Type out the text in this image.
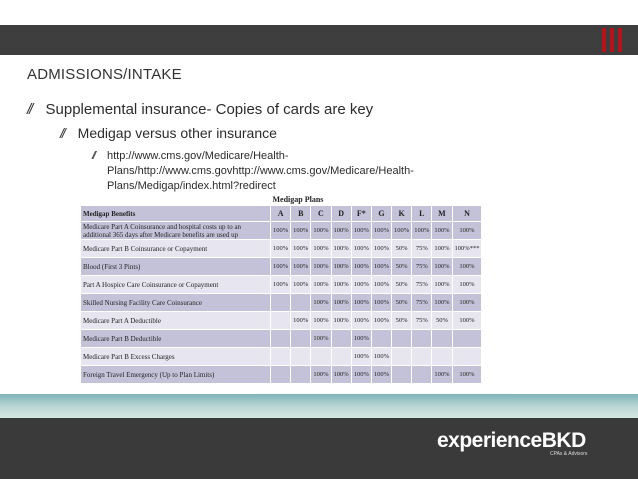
ADMISSIONS/INTAKE
// Supplemental insurance- Copies of cards are key
// Medigap versus other insurance
// http://www.cms.gov/Medicare/Health-
Plans/http://www.cms.govhttp://www.cms.gov/Medicare/Health-
Plans/Medigap/index.html?redirect
	Medigap Plans									
Medigap Benefits	A	B	C	D	F*	G	K	L	M	N
Medicare Part A Coinsurance and hospital costs up to an additional 365 days after Medicare benefits are used up	100%	100%	100%	100%	100%	100%	100%	100%	100%	100%
Medicare Part B Coinsurance or Copayment	100%	100%	100%	100%	100%	100%	50%	75%	100%	100%***
Blood (First 3 Pints)	100%	100%	100%	100%	100%	100%	50%	75%	100%	100%
Part A Hospice Care Coinsurance or Copayment	100%	100%	100%	100%	100%	100%	50%	75%	100%	100%
Skilled Nursing Facility Care Coinsurance			100%	100%	100%	100%	50%	75%	100%	100%
Medicare Part A Deductible		100%	100%	100%	100%	100%	50%	75%	50%	100%
Medicare Part B Deductible			100%		100%					
Medicare Part B Excess Charges					100%	100%				
Foreign Travel Emergency (Up to Plan Limits)			100%	100%	100%	100%			100%	100%
experienceBKD
CPAs & Advisors
